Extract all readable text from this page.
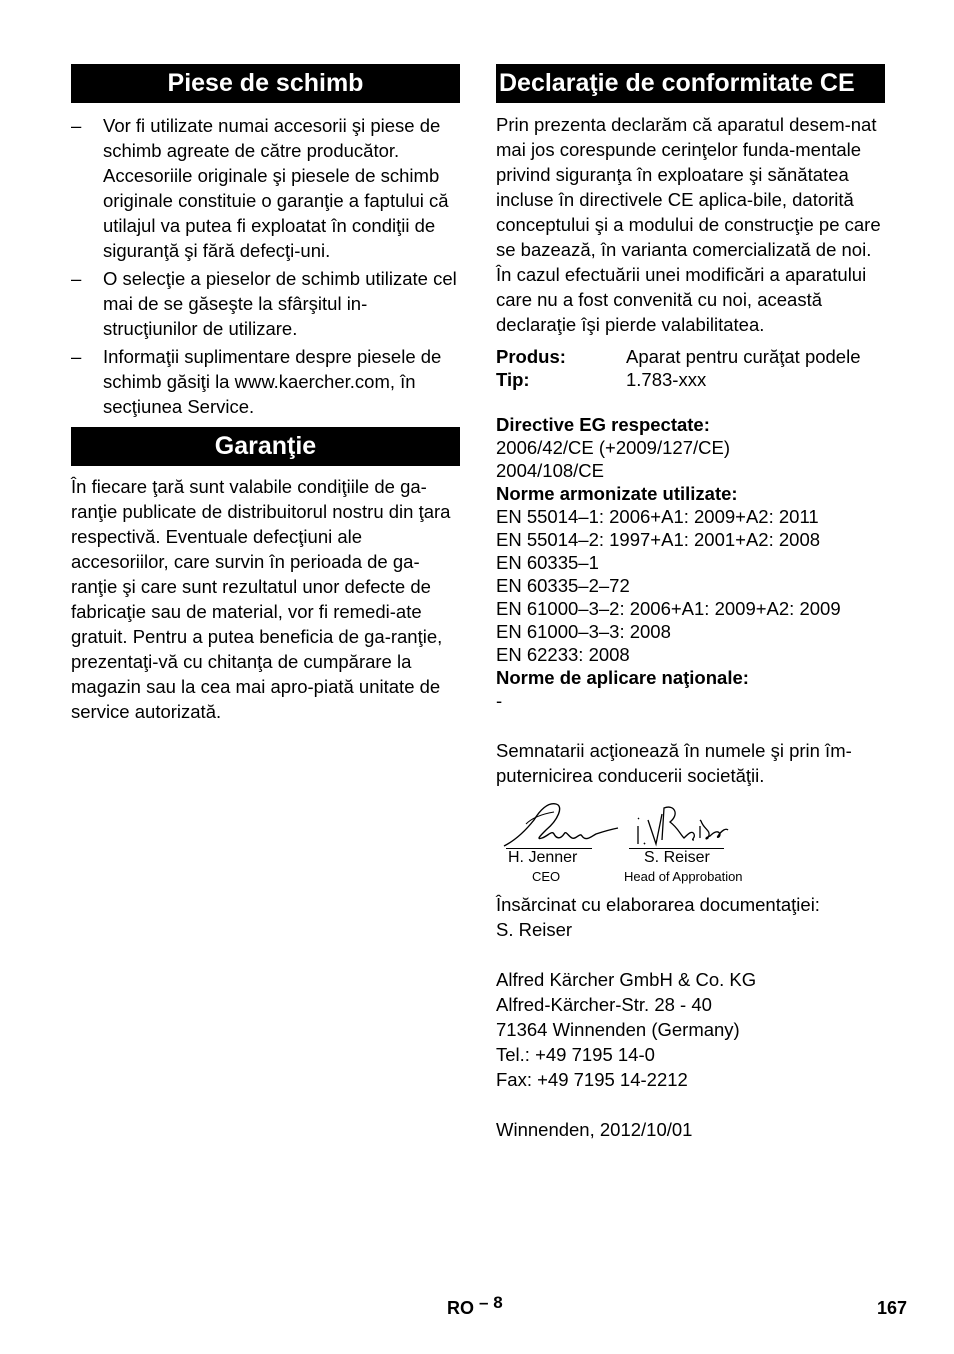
Piese de schimb
– Vor fi utilizate numai accesorii şi piese de schimb agreate de către producător. Accesoriile originale şi piesele de schimb originale constituie o garanţie a faptului că utilajul va putea fi exploatat în condiţii de siguranţă şi fără defecţi-uni.
– O selecţie a pieselor de schimb utilizate cel mai de se găseşte la sfârşitul in-strucţiunilor de utilizare.
– Informaţii suplimentare despre piesele de schimb găsiţi la www.kaercher.com, în secţiunea Service.
Garanţie

În fiecare ţară sunt valabile condiţiile de ga-ranţie publicate de distribuitorul nostru din ţara respectivă. Eventuale defecţiuni ale accesoriilor, care survin în perioada de ga-ranţie şi care sunt rezultatul unor defecte de fabricaţie sau de material, vor fi remedi-ate gratuit. Pentru a putea beneficia de ga-ranţie, prezentaţi-vă cu chitanţa de cumpărare la magazin sau la cea mai apro-piată unitate de service autorizată.

Declaraţie de conformitate CE

Prin prezenta declarăm că aparatul desem-nat mai jos corespunde cerinţelor funda-mentale privind siguranţa în exploatare şi sănătatea incluse în directivele CE aplica-bile, datorită conceptului şi a modului de construcţie pe care se bazează, în varianta comercializată de noi. În cazul efectuării unei modificări a aparatului care nu a fost convenită cu noi, această declaraţie îşi pierde valabilitatea.

Produs:	Aparat pentru curăţat podele
Tip:	1.783-xxx
Directive EG respectate:
2006/42/CE (+2009/127/CE)
2004/108/CE
Norme armonizate utilizate:
EN 55014–1: 2006+A1: 2009+A2: 2011
EN 55014–2: 1997+A1: 2001+A2: 2008
EN 60335–1
EN 60335–2–72
EN 61000–3–2: 2006+A1: 2009+A2: 2009
EN 61000–3–3: 2008
EN 62233: 2008
Norme de aplicare naţionale:
-

Semnatarii acţionează în numele şi prin îm-puternicirea conducerii societăţii.

H. Jenner
CEO
S. Reiser
Head of Approbation
Însărcinat cu elaborarea documentaţiei:
S. Reiser
Alfred Kärcher GmbH & Co. KG
Alfred-Kärcher-Str. 28 - 40
71364 Winnenden (Germany)
Tel.: +49 7195 14-0
Fax: +49 7195 14-2212
Winnenden, 2012/10/01
RO – 8	167
